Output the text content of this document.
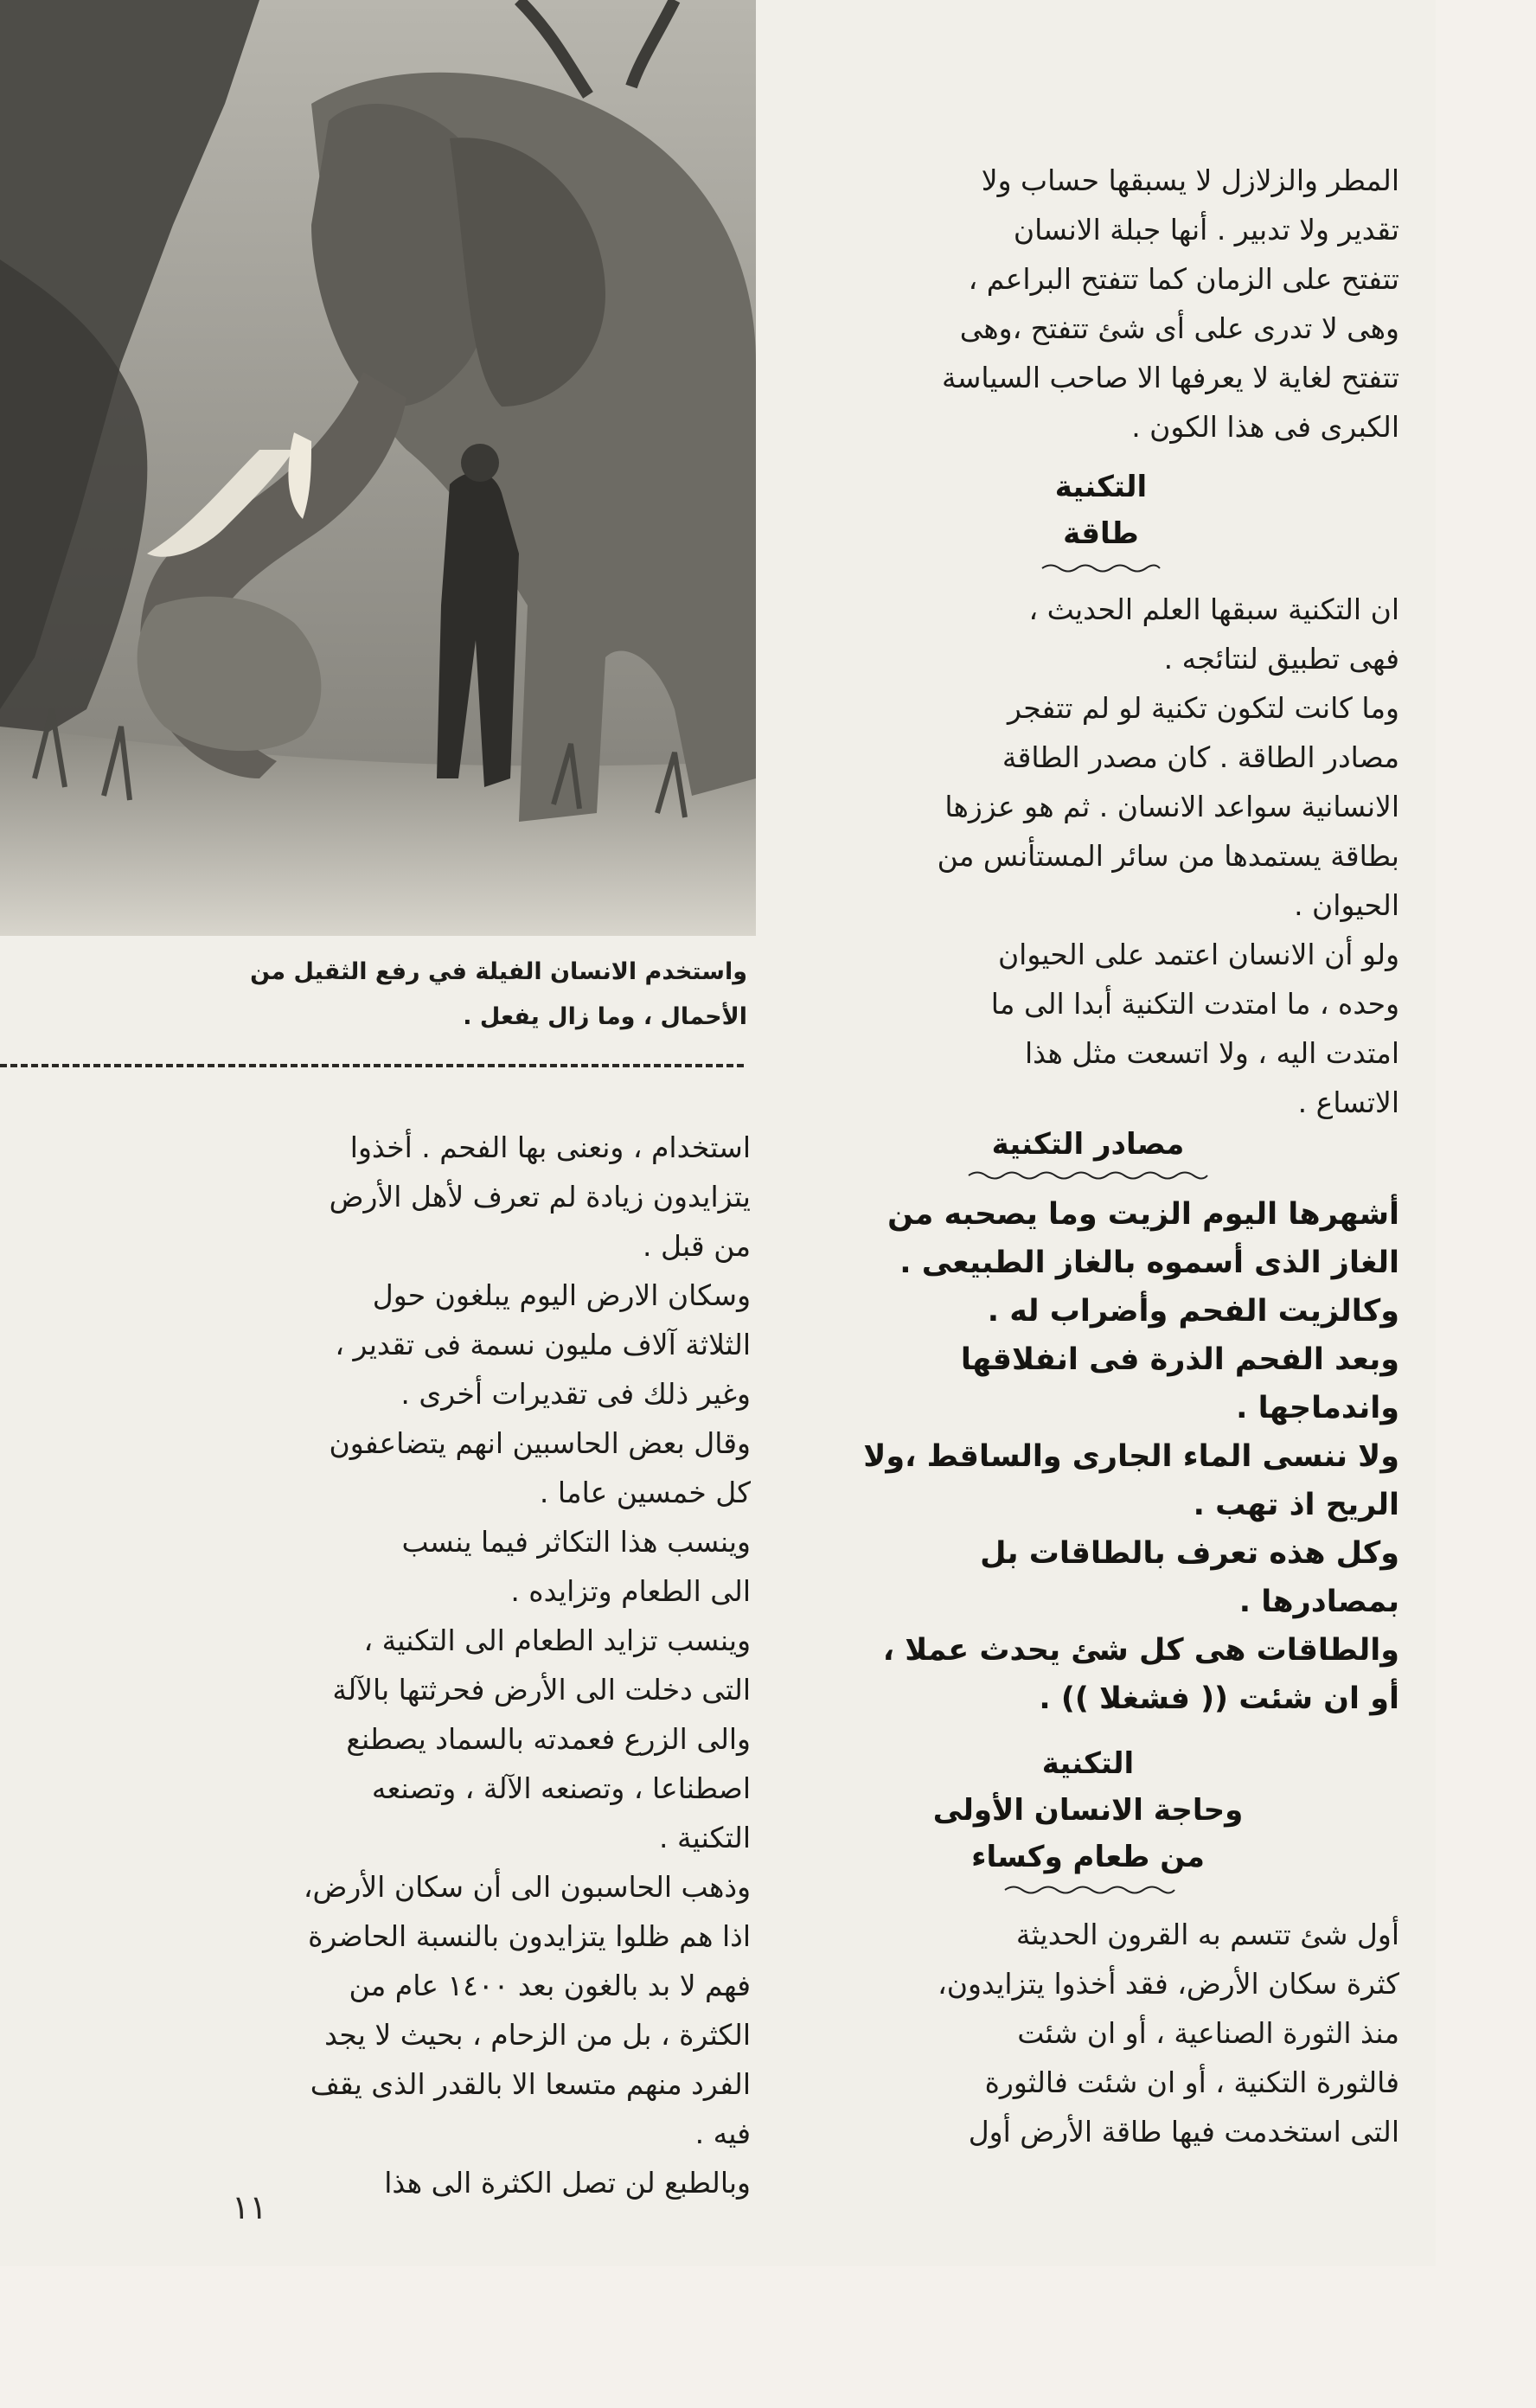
واستخدم الانسان الفيلة في رفع الثقيل من

الأحمال ، وما زال يفعل .

المطر والزلازل لا يسبقها حساب ولا

تقدير ولا تدبير . أنها جبلة الانسان

تتفتح على الزمان كما تتفتح البراعم ،

وهى لا تدرى على أى شئ تتفتح ،وهى

تتفتح لغاية لا يعرفها الا صاحب السياسة

الكبرى فى هذا الكون .

التكنية

طاقة

ان التكنية سبقها العلم الحديث ،

فهى تطبيق لنتائجه .

وما كانت لتكون تكنية لو لم تتفجر

مصادر الطاقة . كان مصدر الطاقة

الانسانية سواعد الانسان . ثم هو عززها

بطاقة يستمدها من سائر المستأنس من

الحيوان .

ولو أن الانسان اعتمد على الحيوان

وحده ، ما امتدت التكنية أبدا الى ما

امتدت اليه ، ولا اتسعت مثل هذا

الاتساع .

مصادر التكنية

أشهرها اليوم الزيت وما يصحبه من

الغاز الذى أسموه بالغاز الطبيعى .

وكالزيت الفحم وأضراب له .

وبعد الفحم الذرة فى انفلاقها

واندماجها .

ولا ننسى الماء الجارى والساقط ،ولا

الريح اذ تهب .

وكل هذه تعرف بالطاقات بل

بمصادرها .

والطاقات هى كل شئ يحدث عملا ،

أو ان شئت (( فشغلا )) .

التكنية

وحاجة الانسان الأولى

من طعام وكساء

أول شئ تتسم به القرون الحديثة

كثرة سكان الأرض، فقد أخذوا يتزايدون،

منذ الثورة الصناعية ، أو ان شئت

فالثورة التكنية ، أو ان شئت فالثورة

التى استخدمت فيها طاقة الأرض أول

استخدام ، ونعنى بها الفحم . أخذوا

يتزايدون زيادة لم تعرف لأهل الأرض

من قبل .

وسكان الارض اليوم يبلغون حول

الثلاثة آلاف مليون نسمة فى تقدير ،

وغير ذلك فى تقديرات أخرى .

وقال بعض الحاسبين انهم يتضاعفون

كل خمسين عاما .

وينسب هذا التكاثر فيما ينسب

الى الطعام وتزايده .

وينسب تزايد الطعام الى التكنية ،

التى دخلت الى الأرض فحرثتها بالآلة

والى الزرع فعمدته بالسماد يصطنع

اصطناعا ، وتصنعه الآلة ، وتصنعه

التكنية .

وذهب الحاسبون الى أن سكان الأرض،

اذا هم ظلوا يتزايدون بالنسبة الحاضرة

فهم لا بد بالغون بعد ١٤٠٠ عام من

الكثرة ، بل من الزحام ، بحيث لا يجد

الفرد منهم متسعا الا بالقدر الذى يقف

فيه .

وبالطبع لن تصل الكثرة الى هذا

١١
